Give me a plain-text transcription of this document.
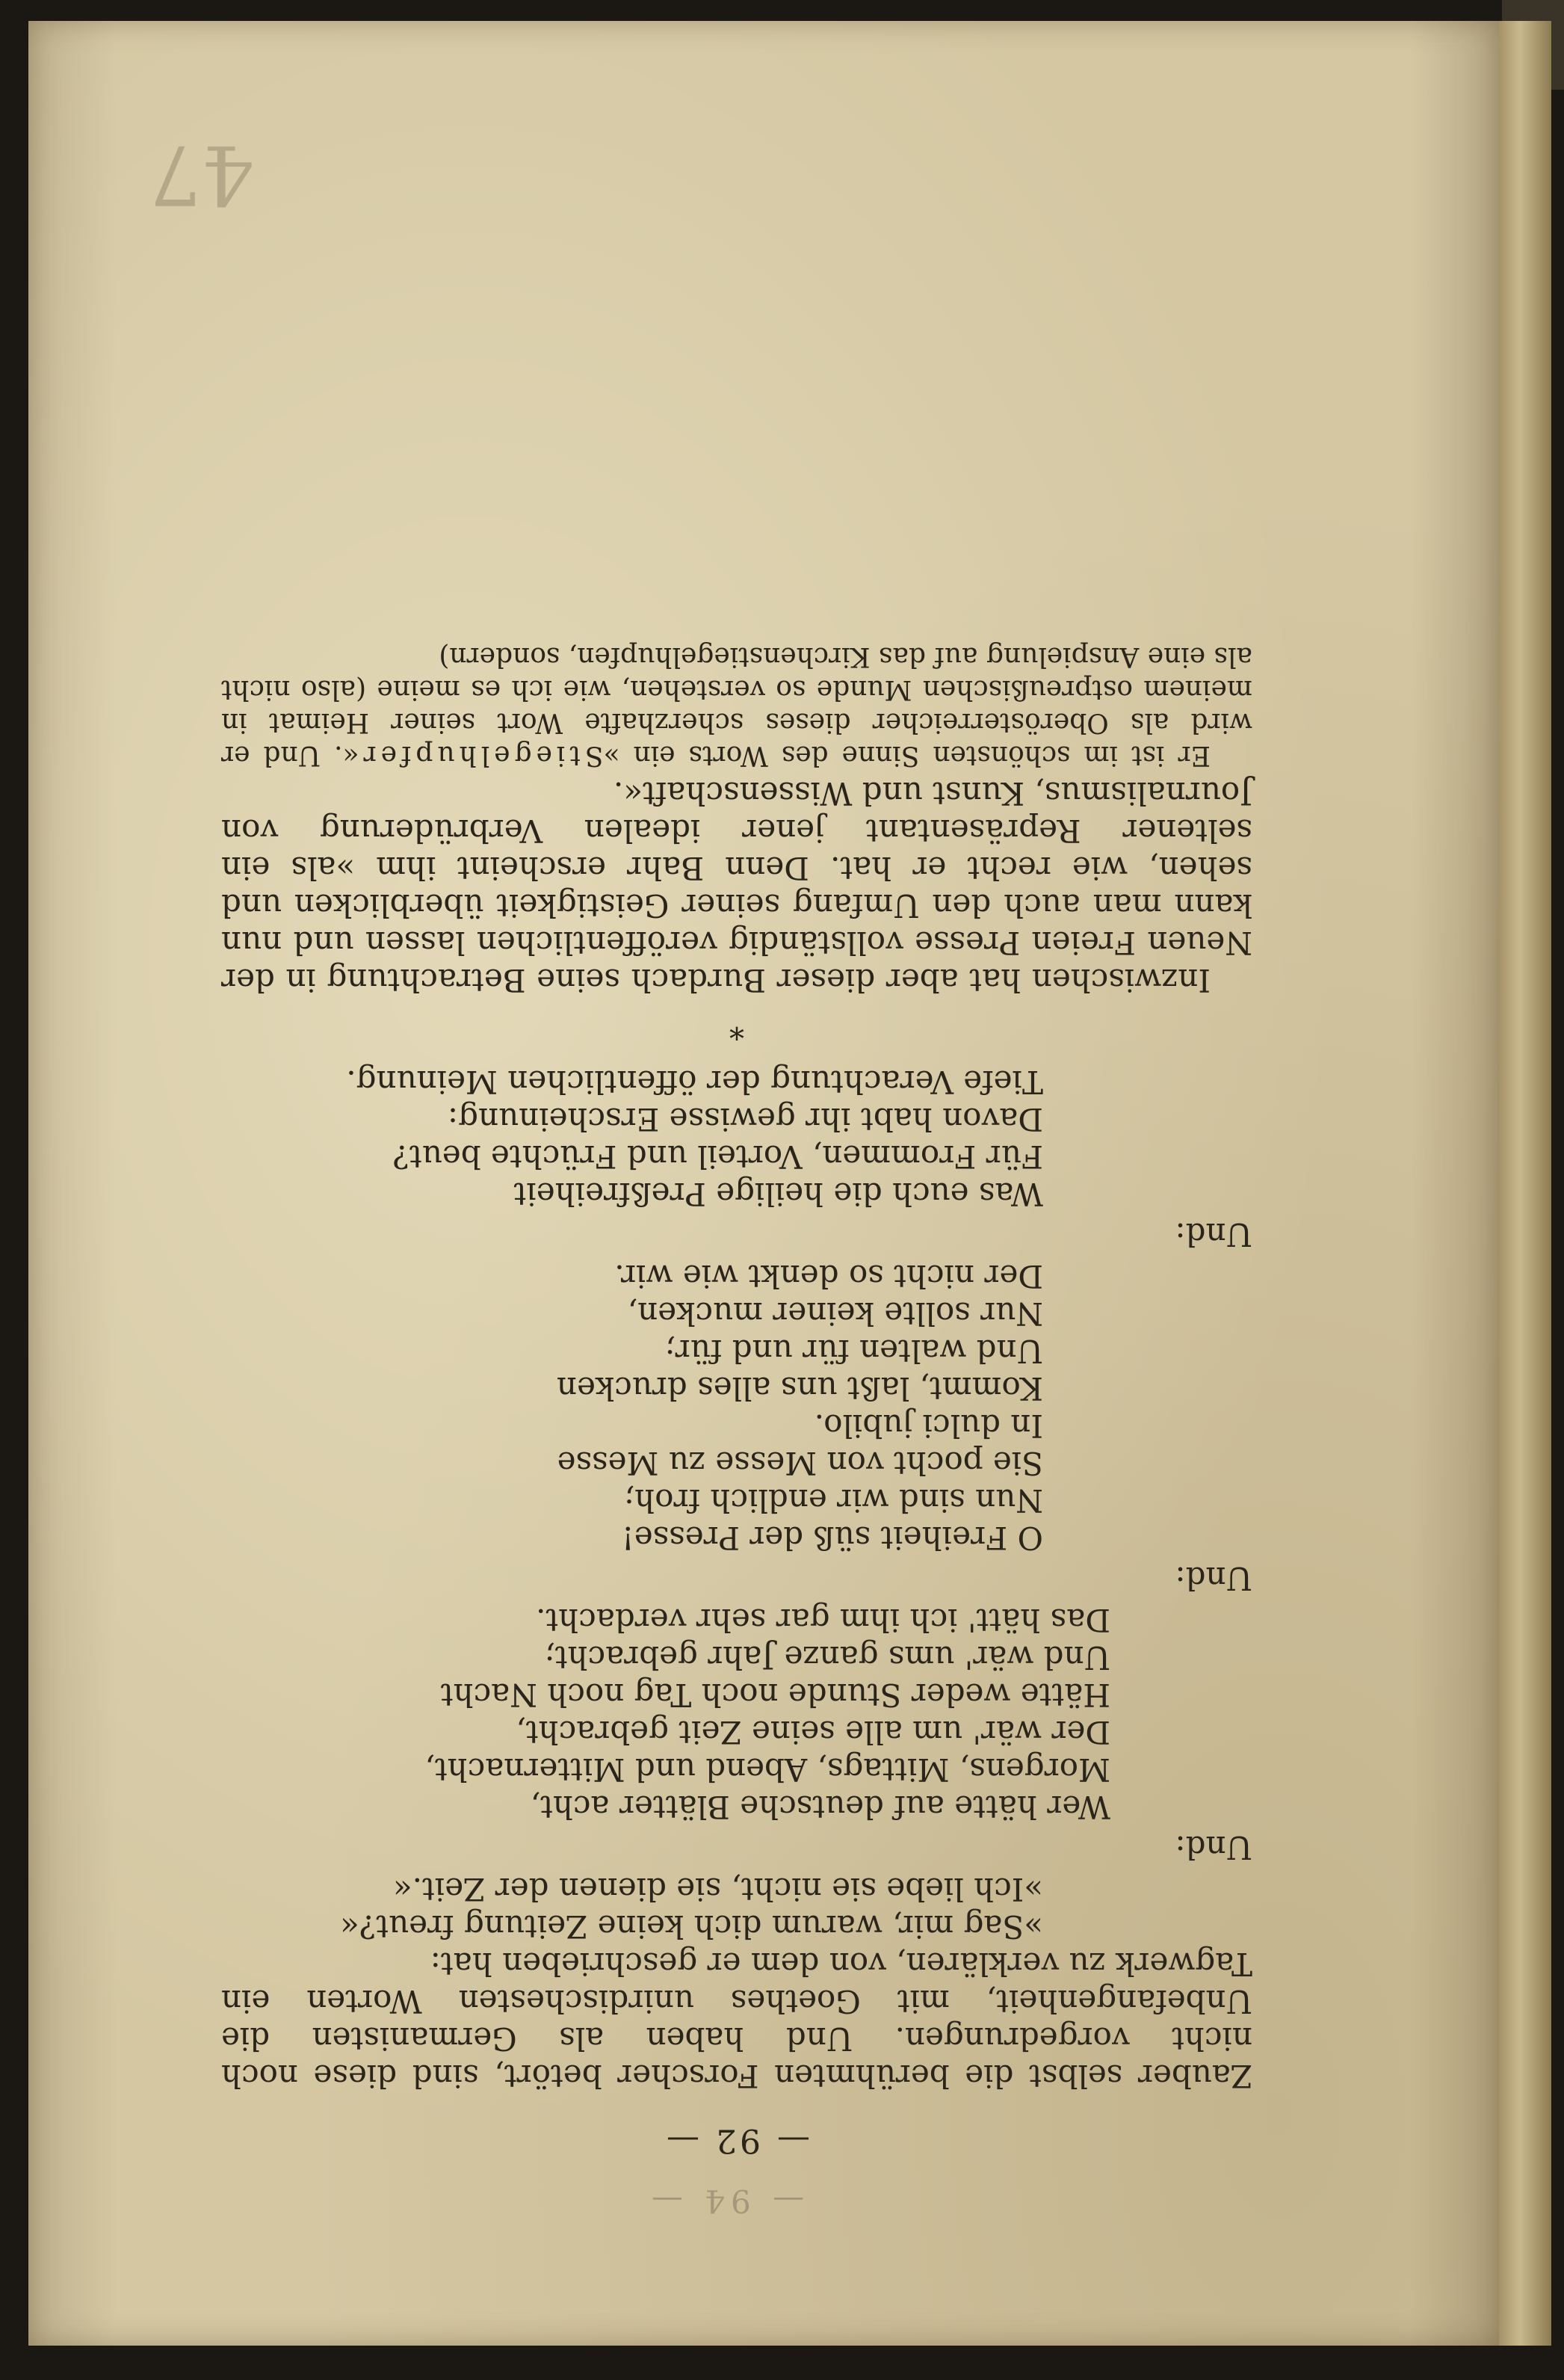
47
— 94 —
— 92 —

Zauber selbst die berühmten Forscher betört, sind diese noch nicht vorgedrungen. Und haben als Germanisten die Unbefangenheit, mit Goethes unirdischesten Worten ein Tagwerk zu verklären, von dem er geschrieben hat:

»Sag mir, warum dich keine Zeitung freut?«
»Ich liebe sie nicht, sie dienen der Zeit.«
Und:
Wer hätte auf deutsche Blätter acht,
Morgens, Mittags, Abend und Mitternacht,
Der wär' um alle seine Zeit gebracht,
Hätte weder Stunde noch Tag noch Nacht
Und wär' ums ganze Jahr gebracht;
Das hätt' ich ihm gar sehr verdacht.
Und:
O Freiheit süß der Presse!
Nun sind wir endlich froh;
Sie pocht von Messe zu Messe
In dulci jubilo.
Kommt, laßt uns alles drucken
Und walten für und für;
Nur sollte keiner mucken,
Der nicht so denkt wie wir.
Und:
Was euch die heilige Preßfreiheit
Für Frommen, Vorteil und Früchte beut?
Davon habt ihr gewisse Erscheinung:
Tiefe Verachtung der öffentlichen Meinung.
*

Inzwischen hat aber dieser Burdach seine Betrachtung in der Neuen Freien Presse vollständig veröffentlichen lassen und nun kann man auch den Umfang seiner Geistigkeit überblicken und sehen, wie recht er hat. Denn Bahr erscheint ihm »als ein seltener Repräsentant jener idealen Verbrüderung von Journalismus, Kunst und Wissenschaft«.

Er ist im schönsten Sinne des Worts ein »Stiegelhupfer«. Und er wird als Oberösterreicher dieses scherzhafte Wort seiner Heimat in meinem ostpreußischen Munde so verstehen, wie ich es meine (also nicht als eine Anspielung auf das Kirchenstiegelhupfen, sondern)
